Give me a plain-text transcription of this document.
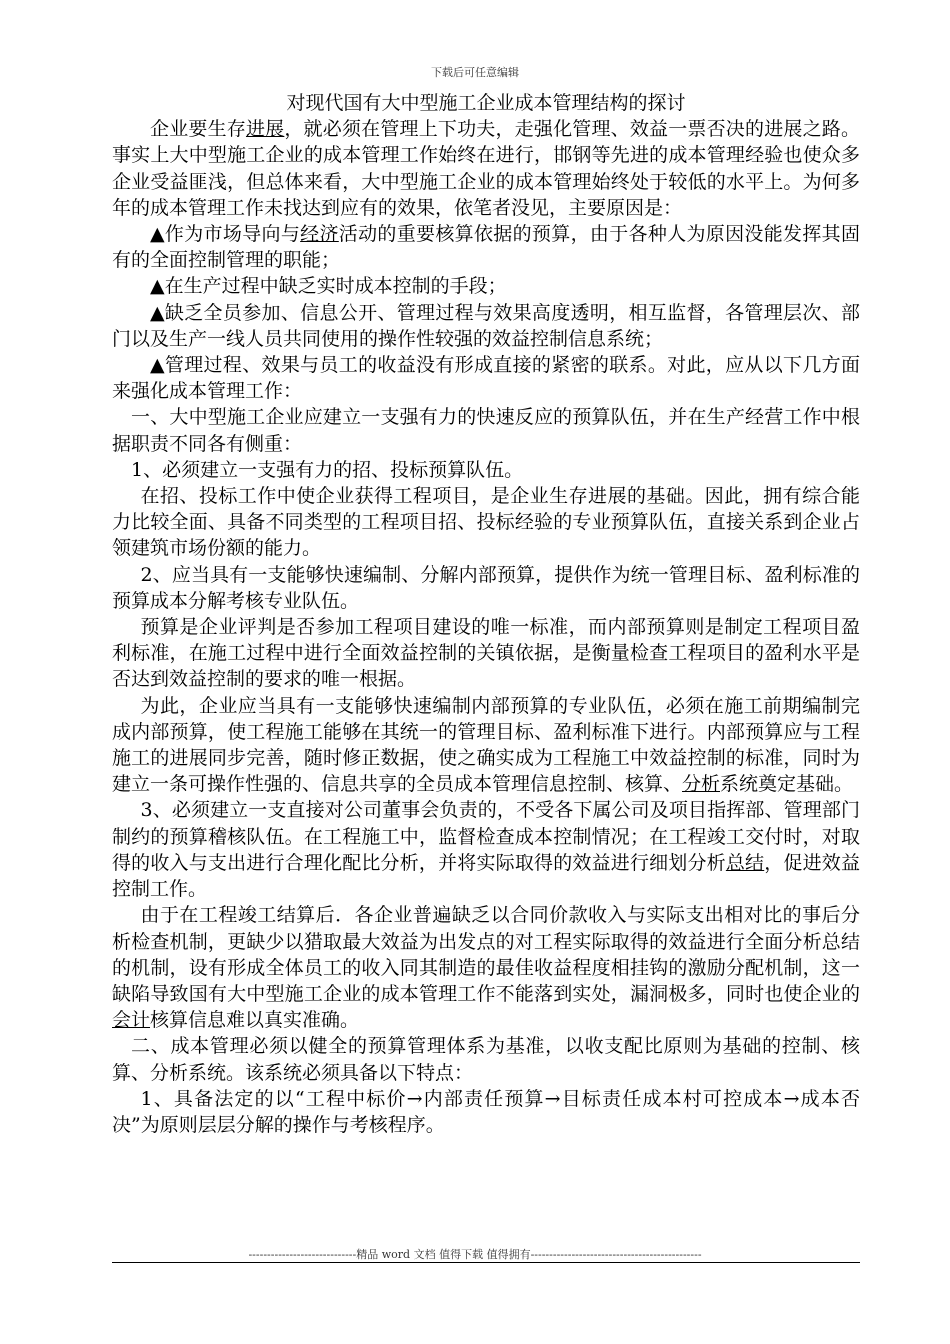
下载后可任意编辑

对现代国有大中型施工企业成本管理结构的探讨

企业要生存进展，就必须在管理上下功夫，走强化管理、效益一票否决的进展之路。事实上大中型施工企业的成本管理工作始终在进行，邯钢等先进的成本管理经验也使众多企业受益匪浅，但总体来看，大中型施工企业的成本管理始终处于较低的水平上。为何多年的成本管理工作未找达到应有的效果，依笔者没见，主要原因是：

▲作为市场导向与经济活动的重要核算依据的预算，由于各种人为原因没能发挥其固有的全面控制管理的职能；

▲在生产过程中缺乏实时成本控制的手段；

▲缺乏全员参加、信息公开、管理过程与效果高度透明，相互监督，各管理层次、部门以及生产一线人员共同使用的操作性较强的效益控制信息系统；

▲管理过程、效果与员工的收益没有形成直接的紧密的联系。对此，应从以下几方面来强化成本管理工作：

一、大中型施工企业应建立一支强有力的快速反应的预算队伍，并在生产经营工作中根据职责不同各有侧重：

1、必须建立一支强有力的招、投标预算队伍。

在招、投标工作中使企业获得工程项目，是企业生存进展的基础。因此，拥有综合能力比较全面、具备不同类型的工程项目招、投标经验的专业预算队伍，直接关系到企业占领建筑市场份额的能力。

2、应当具有一支能够快速编制、分解内部预算，提供作为统一管理目标、盈利标准的预算成本分解考核专业队伍。

预算是企业评判是否参加工程项目建设的唯一标准，而内部预算则是制定工程项目盈利标准，在施工过程中进行全面效益控制的关镇依据，是衡量检查工程项目的盈利水平是否达到效益控制的要求的唯一根据。

为此，企业应当具有一支能够快速编制内部预算的专业队伍，必须在施工前期编制完成内部预算，使工程施工能够在其统一的管理目标、盈利标准下进行。内部预算应与工程施工的进展同步完善，随时修正数据，使之确实成为工程施工中效益控制的标准，同时为建立一条可操作性强的、信息共享的全员成本管理信息控制、核算、分析系统奠定基础。

3、必须建立一支直接对公司董事会负责的，不受各下属公司及项目指挥部、管理部门制约的预算稽核队伍。在工程施工中，监督检查成本控制情况；在工程竣工交付时，对取得的收入与支出进行合理化配比分析，并将实际取得的效益进行细划分析总结，促进效益控制工作。

由于在工程竣工结算后．各企业普遍缺乏以合同价款收入与实际支出相对比的事后分析检查机制，更缺少以猎取最大效益为出发点的对工程实际取得的效益进行全面分析总结的机制，设有形成全体员工的收入同其制造的最佳收益程度相挂钩的激励分配机制，这一缺陷导致国有大中型施工企业的成本管理工作不能落到实处，漏洞极多，同时也使企业的会计核算信息难以真实准确。

二、成本管理必须以健全的预算管理体系为基准，以收支配比原则为基础的控制、核算、分析系统。该系统必须具备以下特点：

1、具备法定的以“工程中标价→内部责任预算→目标责任成本村可控成本→成本否决”为原则层层分解的操作与考核程序。

-----------------------------精品 word 文档 值得下载 值得拥有----------------------------------------------
